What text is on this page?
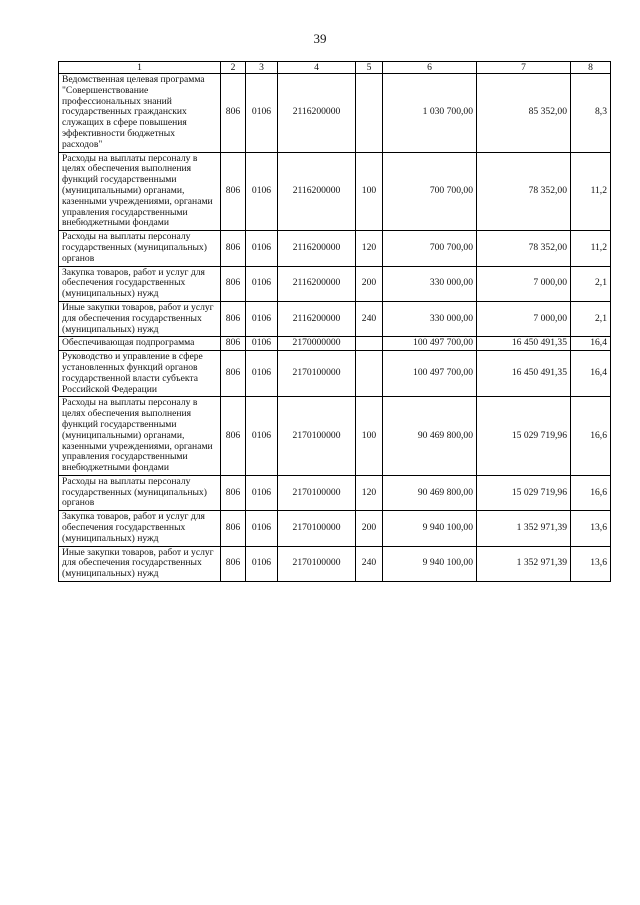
39
1	2	3	4	5	6	7	8
Ведомственная целевая программа "Совершенствование профессиональных знаний государственных гражданских служащих в сфере повышения эффективности бюджетных расходов"	806	0106	2116200000		1 030 700,00	85 352,00	8,3
Расходы на выплаты персоналу в целях обеспечения выполнения функций государственными (муниципальными) органами, казенными учреждениями, органами управления государственными внебюджетными фондами	806	0106	2116200000	100	700 700,00	78 352,00	11,2
Расходы на выплаты персоналу государственных (муниципальных) органов	806	0106	2116200000	120	700 700,00	78 352,00	11,2
Закупка товаров, работ и услуг для обеспечения государственных (муниципальных) нужд	806	0106	2116200000	200	330 000,00	7 000,00	2,1
Иные закупки товаров, работ и услуг для обеспечения государственных (муниципальных) нужд	806	0106	2116200000	240	330 000,00	7 000,00	2,1
Обеспечивающая подпрограмма	806	0106	2170000000		100 497 700,00	16 450 491,35	16,4
Руководство и управление в сфере установленных функций органов государственной власти субъекта Российской Федерации	806	0106	2170100000		100 497 700,00	16 450 491,35	16,4
Расходы на выплаты персоналу в целях обеспечения выполнения функций государственными (муниципальными) органами, казенными учреждениями, органами управления государственными внебюджетными фондами	806	0106	2170100000	100	90 469 800,00	15 029 719,96	16,6
Расходы на выплаты персоналу государственных (муниципальных) органов	806	0106	2170100000	120	90 469 800,00	15 029 719,96	16,6
Закупка товаров, работ и услуг для обеспечения государственных (муниципальных) нужд	806	0106	2170100000	200	9 940 100,00	1 352 971,39	13,6
Иные закупки товаров, работ и услуг для обеспечения государственных (муниципальных) нужд	806	0106	2170100000	240	9 940 100,00	1 352 971,39	13,6
